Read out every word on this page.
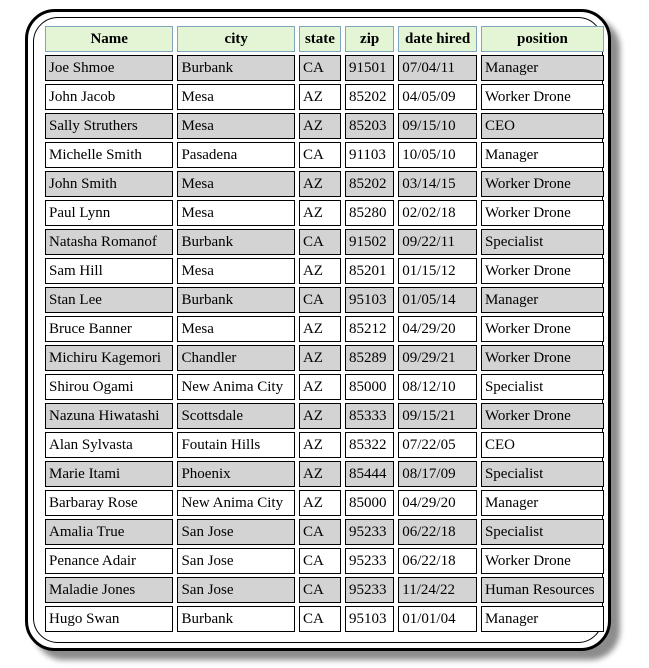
Name	city	state	zip	date hired	position
Joe Shmoe	Burbank	CA	91501	07/04/11	Manager
John Jacob	Mesa	AZ	85202	04/05/09	Worker Drone
Sally Struthers	Mesa	AZ	85203	09/15/10	CEO
Michelle Smith	Pasadena	CA	91103	10/05/10	Manager
John Smith	Mesa	AZ	85202	03/14/15	Worker Drone
Paul Lynn	Mesa	AZ	85280	02/02/18	Worker Drone
Natasha Romanof	Burbank	CA	91502	09/22/11	Specialist
Sam Hill	Mesa	AZ	85201	01/15/12	Worker Drone
Stan Lee	Burbank	CA	95103	01/05/14	Manager
Bruce Banner	Mesa	AZ	85212	04/29/20	Worker Drone
Michiru Kagemori	Chandler	AZ	85289	09/29/21	Worker Drone
Shirou Ogami	New Anima City	AZ	85000	08/12/10	Specialist
Nazuna Hiwatashi	Scottsdale	AZ	85333	09/15/21	Worker Drone
Alan Sylvasta	Foutain Hills	AZ	85322	07/22/05	CEO
Marie Itami	Phoenix	AZ	85444	08/17/09	Specialist
Barbaray Rose	New Anima City	AZ	85000	04/29/20	Manager
Amalia True	San Jose	CA	95233	06/22/18	Specialist
Penance Adair	San Jose	CA	95233	06/22/18	Worker Drone
Maladie Jones	San Jose	CA	95233	11/24/22	Human Resources
Hugo Swan	Burbank	CA	95103	01/01/04	Manager
